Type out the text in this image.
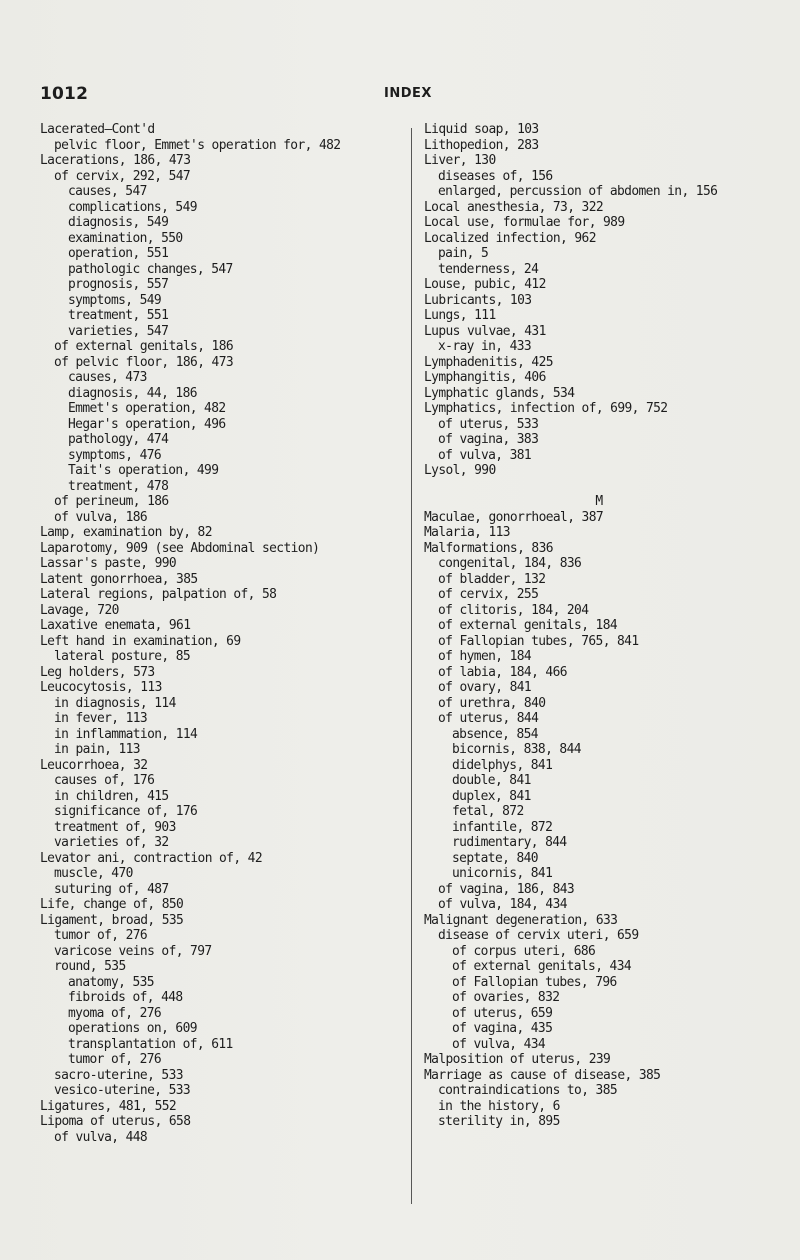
1012	INDEX
Lacerated—Cont'd
pelvic floor, Emmet's operation for, 482
Lacerations, 186, 473
of cervix, 292, 547
causes, 547
complications, 549
diagnosis, 549
examination, 550
operation, 551
pathologic changes, 547
prognosis, 557
symptoms, 549
treatment, 551
varieties, 547
of external genitals, 186
of pelvic floor, 186, 473
causes, 473
diagnosis, 44, 186
Emmet's operation, 482
Hegar's operation, 496
pathology, 474
symptoms, 476
Tait's operation, 499
treatment, 478
of perineum, 186
of vulva, 186
Lamp, examination by, 82
Laparotomy, 909 (see Abdominal section)
Lassar's paste, 990
Latent gonorrhoea, 385
Lateral regions, palpation of, 58
Lavage, 720
Laxative enemata, 961
Left hand in examination, 69
lateral posture, 85
Leg holders, 573
Leucocytosis, 113
in diagnosis, 114
in fever, 113
in inflammation, 114
in pain, 113
Leucorrhoea, 32
causes of, 176
in children, 415
significance of, 176
treatment of, 903
varieties of, 32
Levator ani, contraction of, 42
muscle, 470
suturing of, 487
Life, change of, 850
Ligament, broad, 535
tumor of, 276
varicose veins of, 797
round, 535
anatomy, 535
fibroids of, 448
myoma of, 276
operations on, 609
transplantation of, 611
tumor of, 276
sacro-uterine, 533
vesico-uterine, 533
Ligatures, 481, 552
Lipoma of uterus, 658
of vulva, 448
Liquid soap, 103
Lithopedion, 283
Liver, 130
diseases of, 156
enlarged, percussion of abdomen in, 156
Local anesthesia, 73, 322
Local use, formulae for, 989
Localized infection, 962
pain, 5
tenderness, 24
Louse, pubic, 412
Lubricants, 103
Lungs, 111
Lupus vulvae, 431
x-ray in, 433
Lymphadenitis, 425
Lymphangitis, 406
Lymphatic glands, 534
Lymphatics, infection of, 699, 752
of uterus, 533
of vagina, 383
of vulva, 381
Lysol, 990
M
Maculae, gonorrhoeal, 387
Malaria, 113
Malformations, 836
congenital, 184, 836
of bladder, 132
of cervix, 255
of clitoris, 184, 204
of external genitals, 184
of Fallopian tubes, 765, 841
of hymen, 184
of labia, 184, 466
of ovary, 841
of urethra, 840
of uterus, 844
absence, 854
bicornis, 838, 844
didelphys, 841
double, 841
duplex, 841
fetal, 872
infantile, 872
rudimentary, 844
septate, 840
unicornis, 841
of vagina, 186, 843
of vulva, 184, 434
Malignant degeneration, 633
disease of cervix uteri, 659
of corpus uteri, 686
of external genitals, 434
of Fallopian tubes, 796
of ovaries, 832
of uterus, 659
of vagina, 435
of vulva, 434
Malposition of uterus, 239
Marriage as cause of disease, 385
contraindications to, 385
in the history, 6
sterility in, 895
